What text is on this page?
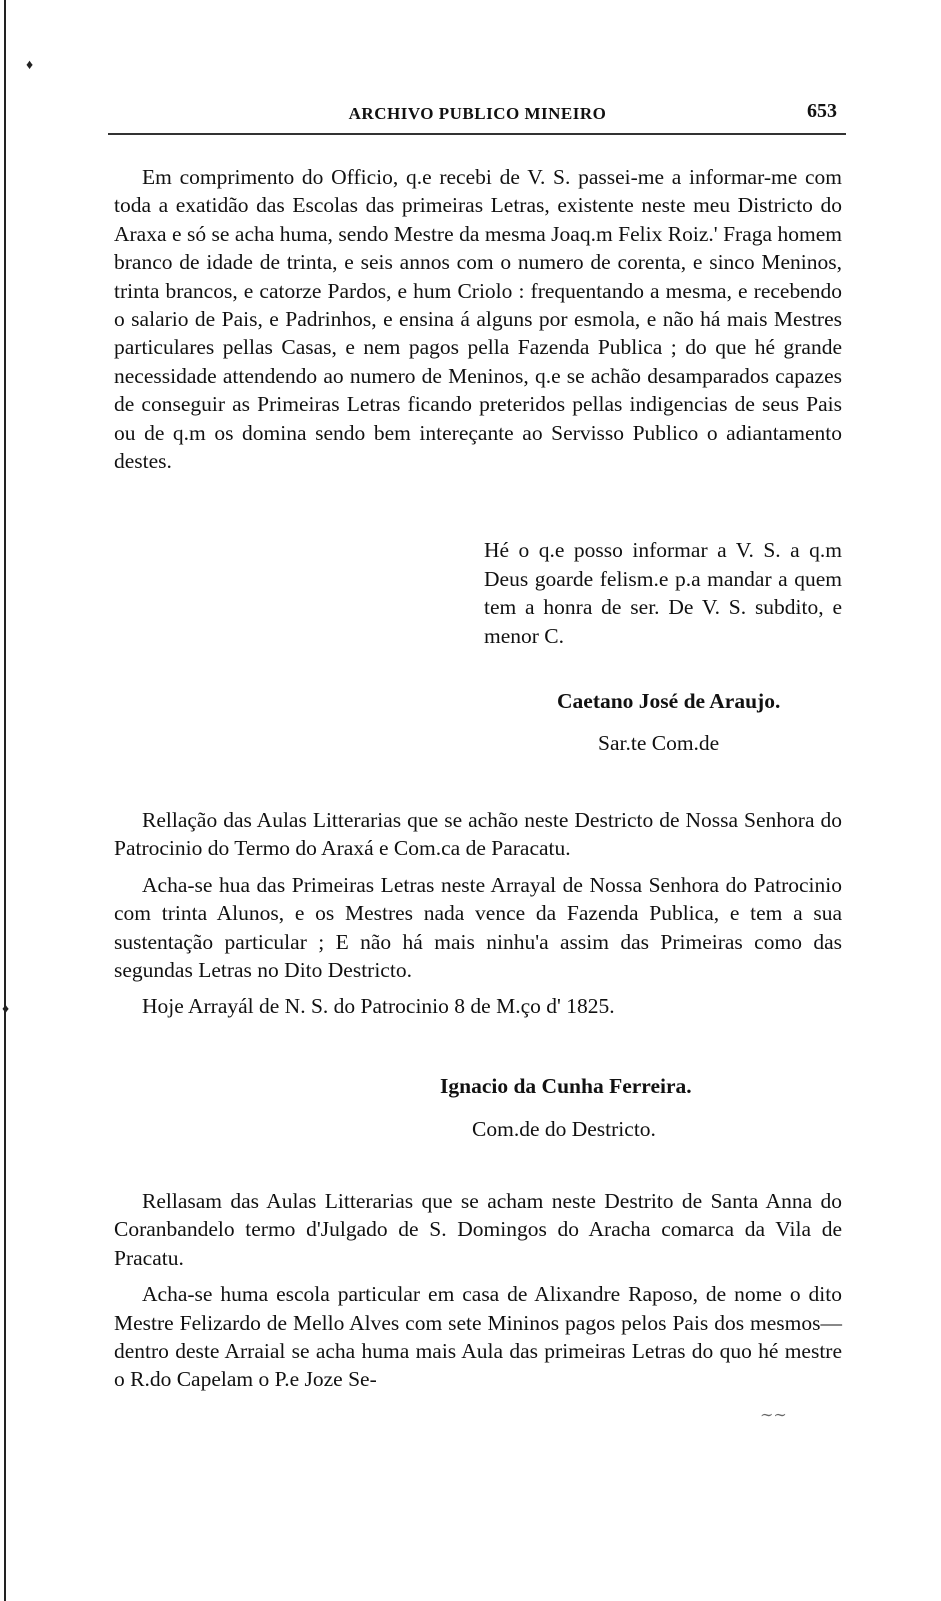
♦
♦
∼∼
ARCHIVO PUBLICO MINEIRO	653

Em comprimento do Officio, q.e recebi de V. S. passei-me a informar-me com toda a exatidão das Escolas das primeiras Letras, existente neste meu Districto do Araxa e só se acha huma, sendo Mestre da mesma Joaq.m Felix Roiz.' Fraga homem branco de idade de trinta, e seis annos com o numero de corenta, e sinco Meninos, trinta brancos, e catorze Pardos, e hum Criolo : frequentando a mesma, e recebendo o salario de Pais, e Padrinhos, e ensina á alguns por esmola, e não há mais Mestres particulares pellas Casas, e nem pagos pella Fazenda Publica ; do que hé grande necessidade attendendo ao numero de Meninos, q.e se achão desamparados capazes de conseguir as Primeiras Letras ficando preteridos pellas indigencias de seus Pais ou de q.m os domina sendo bem intereçante ao Servisso Publico o adiantamento destes.

Hé o q.e posso informar a V. S. a q.m Deus goarde felism.e p.a mandar a quem tem a honra de ser. De V. S. subdito, e menor C.

Caetano José de Araujo.
Sar.te Com.de

Rellação das Aulas Litterarias que se achão neste Destricto de Nossa Senhora do Patrocinio do Termo do Araxá e Com.ca de Paracatu.

Acha-se hua das Primeiras Letras neste Arrayal de Nossa Senhora do Patrocinio com trinta Alunos, e os Mestres nada vence da Fazenda Publica, e tem a sua sustentação particular ; E não há mais ninhu'a assim das Primeiras como das segundas Letras no Dito Destricto.

Hoje Arrayál de N. S. do Patrocinio 8 de M.ço d' 1825.

Ignacio da Cunha Ferreira.
Com.de do Destricto.

Rellasam das Aulas Litterarias que se acham neste Destrito de Santa Anna do Coranbandelo termo d'Julgado de S. Domingos do Aracha comarca da Vila de Pracatu.

Acha-se huma escola particular em casa de Alixandre Raposo, de nome o dito Mestre Felizardo de Mello Alves com sete Mininos pagos pelos Pais dos mesmos—dentro deste Arraial se acha huma mais Aula das primeiras Letras do quo hé mestre o R.do Capelam o P.e Joze Se-
